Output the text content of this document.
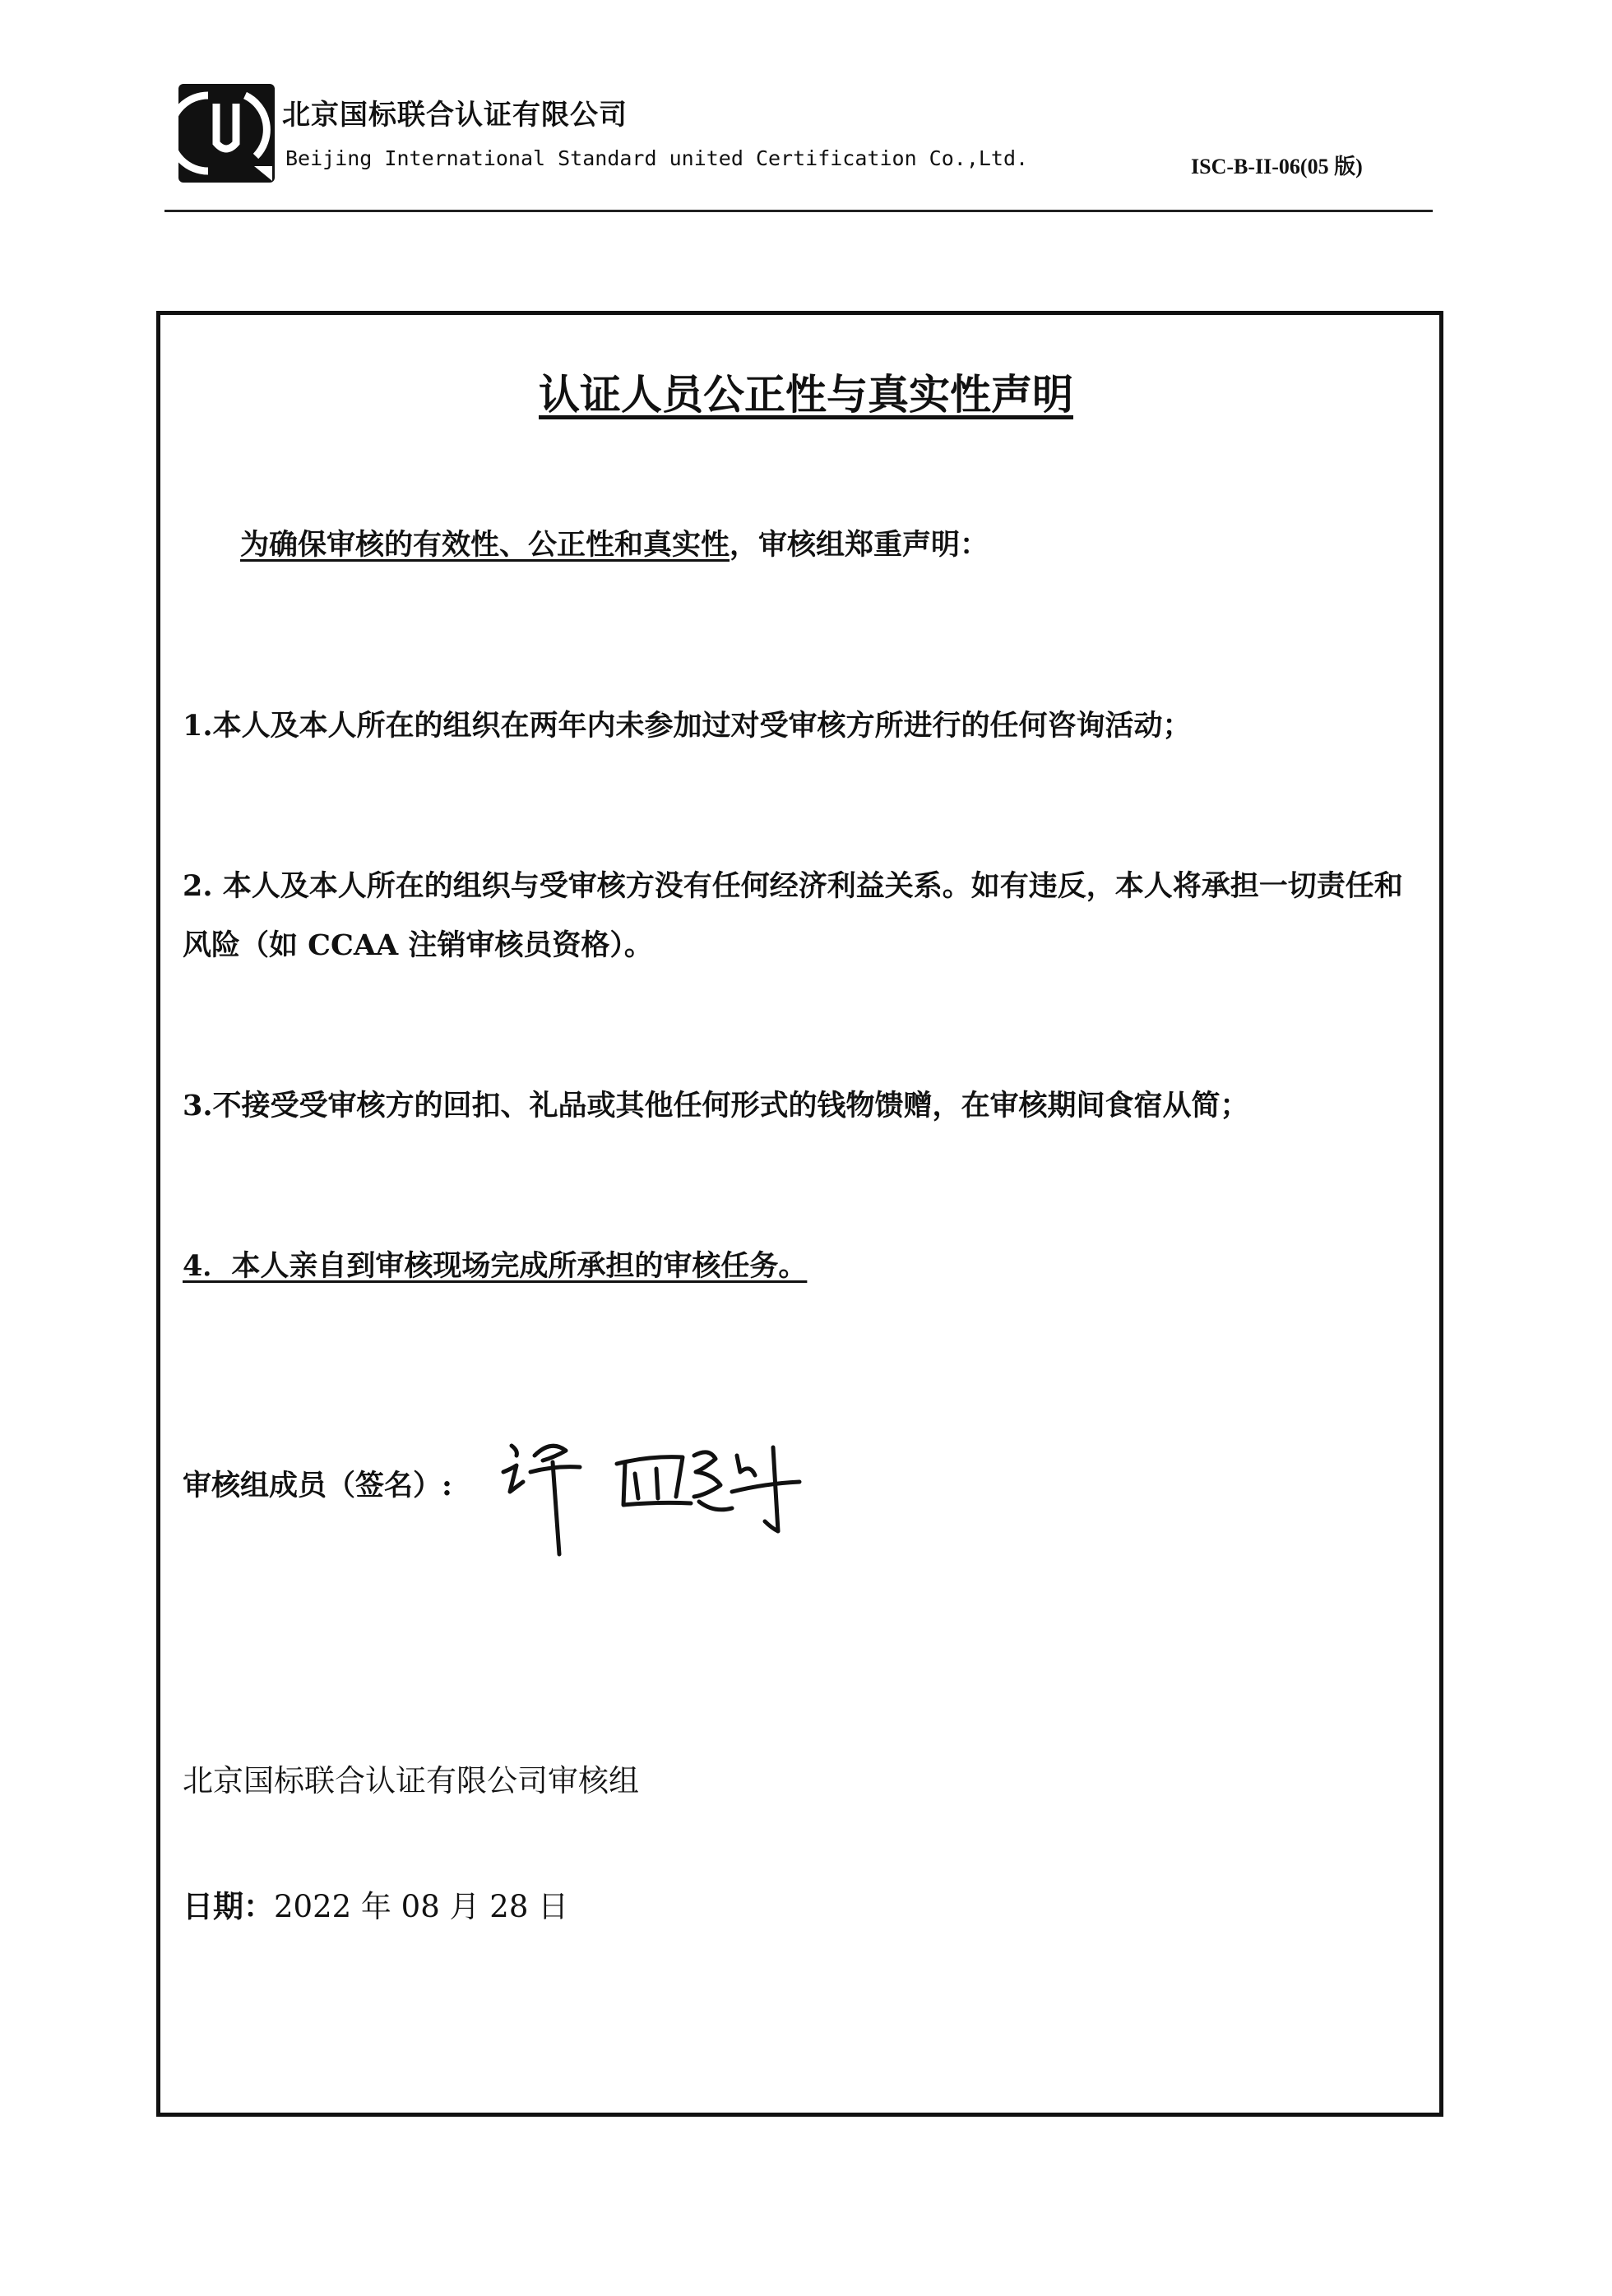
北京国标联合认证有限公司
Beijing International Standard united Certification Co.,Ltd.	ISC-B-II-06(05 版)
认证人员公正性与真实性声明
为确保审核的有效性、公正性和真实性，审核组郑重声明：
1.本人及本人所在的组织在两年内未参加过对受审核方所进行的任何咨询活动；
2. 本人及本人所在的组织与受审核方没有任何经济利益关系。如有违反，本人将承担一切责任和
风险（如 CCAA 注销审核员资格）。
3.不接受受审核方的回扣、礼品或其他任何形式的钱物馈赠，在审核期间食宿从简；
4．本人亲自到审核现场完成所承担的审核任务。
审核组成员（签名）:
北京国标联合认证有限公司审核组
日期：2022 年 08 月 28 日
